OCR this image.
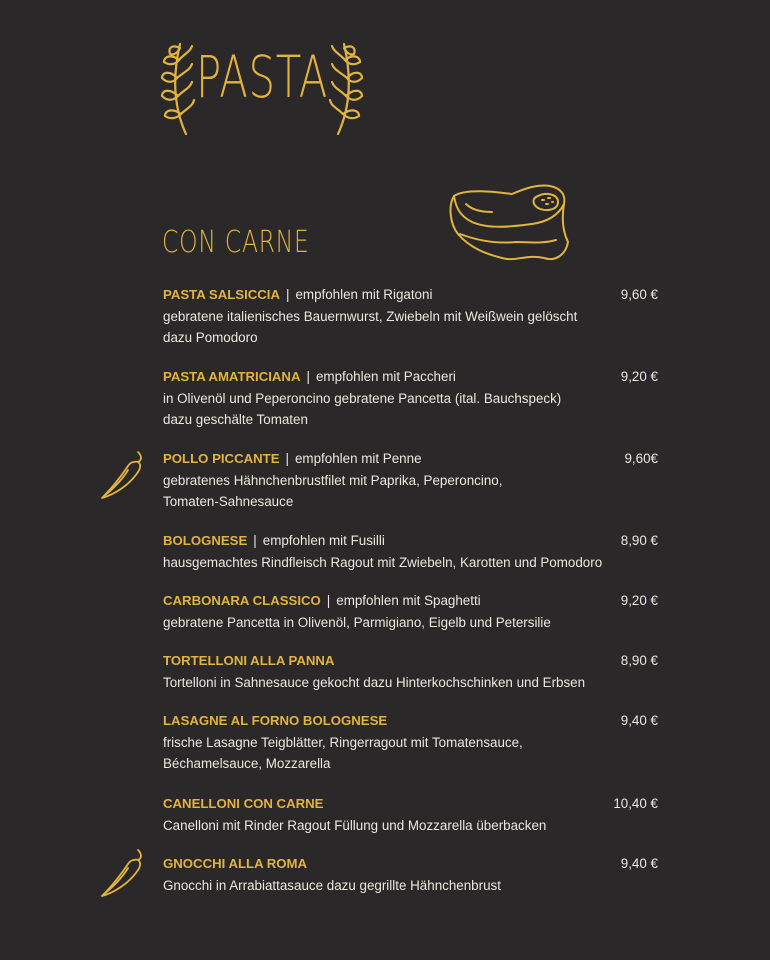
PASTA
CON CARNE
PASTA SALSICCIA | empfohlen mit Rigatoni	9,60 €
gebratene italienisches Bauernwurst, Zwiebeln mit Weißwein gelöscht
dazu Pomodoro
PASTA AMATRICIANA | empfohlen mit Paccheri	9,20 €
in Olivenöl und Peperoncino gebratene Pancetta (ital. Bauchspeck)
dazu geschälte Tomaten
POLLO PICCANTE | empfohlen mit Penne	9,60€
gebratenes Hähnchenbrustfilet mit Paprika, Peperoncino,
Tomaten-Sahnesauce
BOLOGNESE | empfohlen mit Fusilli	8,90 €
hausgemachtes Rindfleisch Ragout mit Zwiebeln, Karotten und Pomodoro
CARBONARA CLASSICO | empfohlen mit Spaghetti	9,20 €
gebratene Pancetta in Olivenöl, Parmigiano, Eigelb und Petersilie
TORTELLONI ALLA PANNA	8,90 €
Tortelloni in Sahnesauce gekocht dazu Hinterkochschinken und Erbsen
LASAGNE AL FORNO BOLOGNESE	9,40 €
frische Lasagne Teigblätter, Ringerragout mit Tomatensauce,
Béchamelsauce, Mozzarella
CANELLONI CON CARNE	10,40 €
Canelloni mit Rinder Ragout Füllung und Mozzarella überbacken
GNOCCHI ALLA ROMA	9,40 €
Gnocchi in Arrabiattasauce dazu gegrillte Hähnchenbrust
